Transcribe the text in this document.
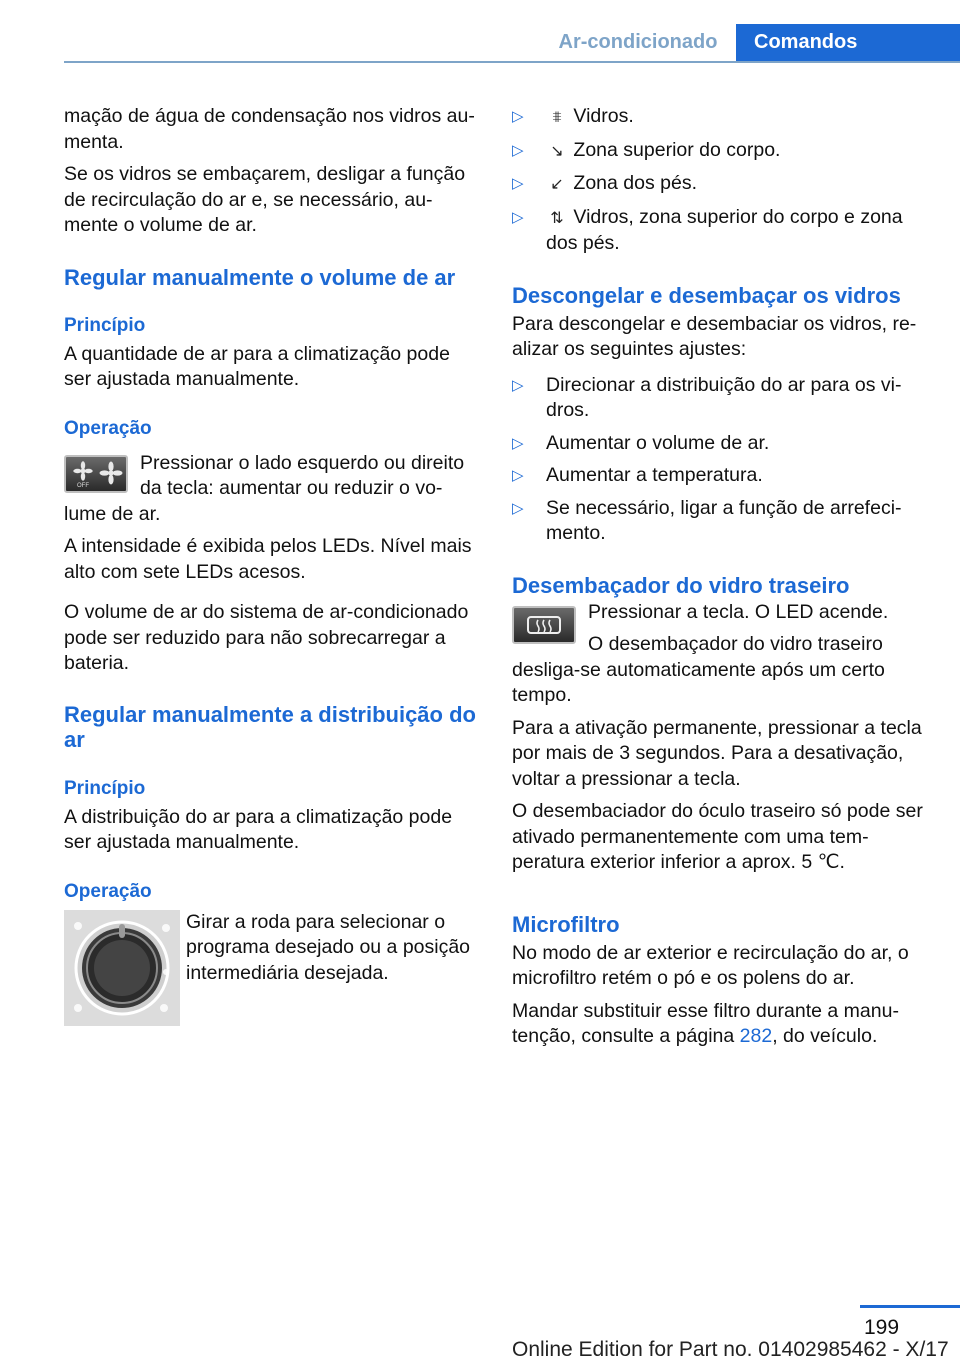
Ar-condicionado	Comandos

mação de água de condensação nos vidros au-
menta.

Se os vidros se embaçarem, desligar a função de recirculação do ar e, se necessário, au-mente o volume de ar.

Regular manualmente o volume de ar
Princípio

A quantidade de ar para a climatização pode ser ajustada manualmente.

Operação
OFF

Pressionar o lado esquerdo ou direito da tecla: aumentar ou reduzir o vo-

lume de ar.

A intensidade é exibida pelos LEDs. Nível mais alto com sete LEDs acesos.

O volume de ar do sistema de ar-condicionado pode ser reduzido para não sobrecarregar a bateria.

Regular manualmente a distribuição do ar
Princípio

A distribuição do ar para a climatização pode ser ajustada manualmente.

Operação

Girar a roda para selecionar o programa desejado ou a posição intermediária desejada.

▷ ⩨ Vidros.
▷ ↘ Zona superior do corpo.
▷ ↙ Zona dos pés.
▷ ⇅ Vidros, zona superior do corpo e zona dos pés.
Descongelar e desembaçar os vidros

Para descongelar e desembaciar os vidros, re-alizar os seguintes ajustes:

▷ Direcionar a distribuição do ar para os vi-dros.
▷ Aumentar o volume de ar.
▷ Aumentar a temperatura.
▷ Se necessário, ligar a função de arrefeci-mento.
Desembaçador do vidro traseiro

Pressionar a tecla. O LED acende.

O desembaçador do vidro traseiro

desliga-se automaticamente após um certo tempo.

Para a ativação permanente, pressionar a tecla por mais de 3 segundos. Para a desativação, voltar a pressionar a tecla.

O desembaciador do óculo traseiro só pode ser ativado permanentemente com uma tem-peratura exterior inferior a aprox. 5 ℃.

Microfiltro

No modo de ar exterior e recirculação do ar, o microfiltro retém o pó e os polens do ar.

Mandar substituir esse filtro durante a manu-tenção, consulte a página 282, do veículo.

199
Online Edition for Part no. 01402985462 - X/17
